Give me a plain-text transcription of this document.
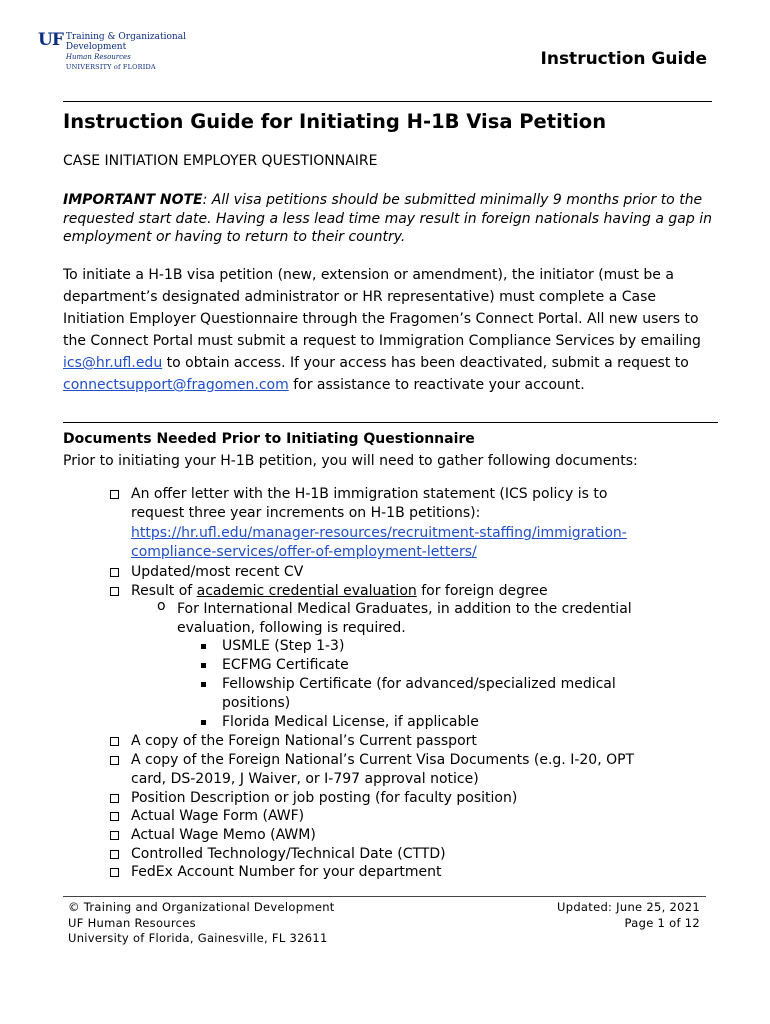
UF Training & Organizational
Development
Human Resources
UNIVERSITY of FLORIDA	Instruction Guide
Instruction Guide for Initiating H-1B Visa Petition
CASE INITIATION EMPLOYER QUESTIONNAIRE
IMPORTANT NOTE: All visa petitions should be submitted minimally 9 months prior to the requested start date. Having a less lead time may result in foreign nationals having a gap in employment or having to return to their country.
To initiate a H-1B visa petition (new, extension or amendment), the initiator (must be a department’s designated administrator or HR representative) must complete a Case Initiation Employer Questionnaire through the Fragomen’s Connect Portal. All new users to the Connect Portal must submit a request to Immigration Compliance Services by emailing ics@hr.ufl.edu to obtain access. If your access has been deactivated, submit a request to connectsupport@fragomen.com for assistance to reactivate your account.
Documents Needed Prior to Initiating Questionnaire
Prior to initiating your H-1B petition, you will need to gather following documents:
An offer letter with the H-1B immigration statement (ICS policy is to
request three year increments on H-1B petitions):
https://hr.ufl.edu/manager-resources/recruitment-staffing/immigration-
compliance-services/offer-of-employment-letters/
Updated/most recent CV
Result of academic credential evaluation for foreign degree
o For International Medical Graduates, in addition to the credential
evaluation, following is required.
USMLE (Step 1-3)
ECFMG Certificate
Fellowship Certificate (for advanced/specialized medical
positions)
Florida Medical License, if applicable
A copy of the Foreign National’s Current passport
A copy of the Foreign National’s Current Visa Documents (e.g. I-20, OPT
card, DS-2019, J Waiver, or I-797 approval notice)
Position Description or job posting (for faculty position)
Actual Wage Form (AWF)
Actual Wage Memo (AWM)
Controlled Technology/Technical Date (CTTD)
FedEx Account Number for your department
© Training and Organizational Development
UF Human Resources
University of Florida, Gainesville, FL 32611
Updated: June 25, 2021
Page 1 of 12
